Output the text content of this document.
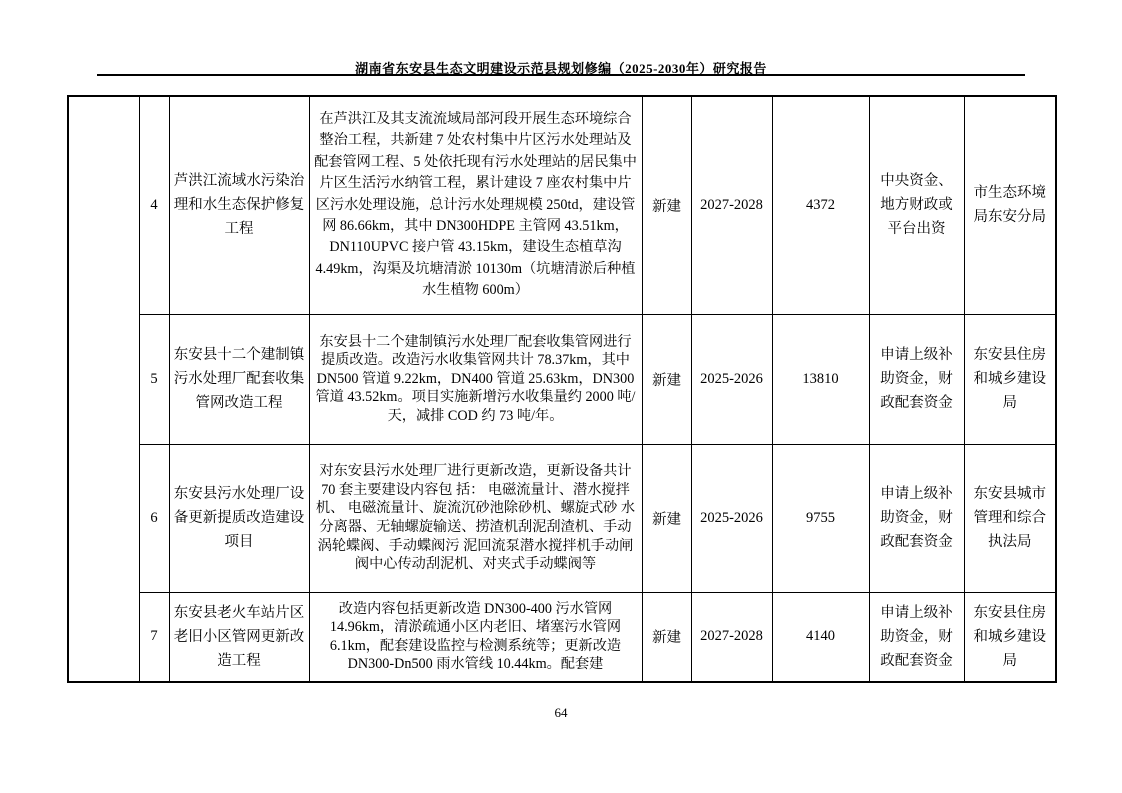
湖南省东安县生态文明建设示范县规划修编（2025-2030年）研究报告
	4	芦洪江流域水污染治理和水生态保护修复工程	在芦洪江及其支流流域局部河段开展生态环境综合整治工程，共新建 7 处农村集中片区污水处理站及配套管网工程、5 处依托现有污水处理站的居民集中片区生活污水纳管工程，累计建设 7 座农村集中片区污水处理设施，总计污水处理规模 250td，建设管网 86.66km，其中 DN300HDPE 主管网 43.51km，DN110UPVC 接户管 43.15km，建设生态植草沟 4.49km，沟渠及坑塘清淤 10130m（坑塘清淤后种植水生植物 600m）	新建	2027-2028	4372	中央资金、地方财政或平台出资	市生态环境局东安分局
	5	东安县十二个建制镇污水处理厂配套收集管网改造工程	东安县十二个建制镇污水处理厂配套收集管网进行提质改造。改造污水收集管网共计 78.37km，其中 DN500 管道 9.22km，DN400 管道 25.63km，DN300 管道 43.52km。项目实施新增污水收集量约 2000 吨/天，减排 COD 约 73 吨/年。	新建	2025-2026	13810	申请上级补助资金，财政配套资金	东安县住房和城乡建设局
	6	东安县污水处理厂设备更新提质改造建设项目	对东安县污水处理厂进行更新改造，更新设备共计 70 套主要建设内容包 括： 电磁流量计、潜水搅拌机、 电磁流量计、旋流沉砂池除砂机、螺旋式砂 水分离器、无轴螺旋输送、捞渣机刮泥刮渣机、手动涡轮蝶阀、手动蝶阀污 泥回流泵潜水搅拌机手动闸阀中心传动刮泥机、对夹式手动蝶阀等	新建	2025-2026	9755	申请上级补助资金，财政配套资金	东安县城市管理和综合执法局
	7	东安县老火车站片区老旧小区管网更新改造工程	改造内容包括更新改造 DN300-400 污水管网 14.96km，清淤疏通小区内老旧、堵塞污水管网 6.1km，配套建设监控与检测系统等；更新改造 DN300-Dn500 雨水管线 10.44km。配套建	新建	2027-2028	4140	申请上级补助资金，财政配套资金	东安县住房和城乡建设局
64
